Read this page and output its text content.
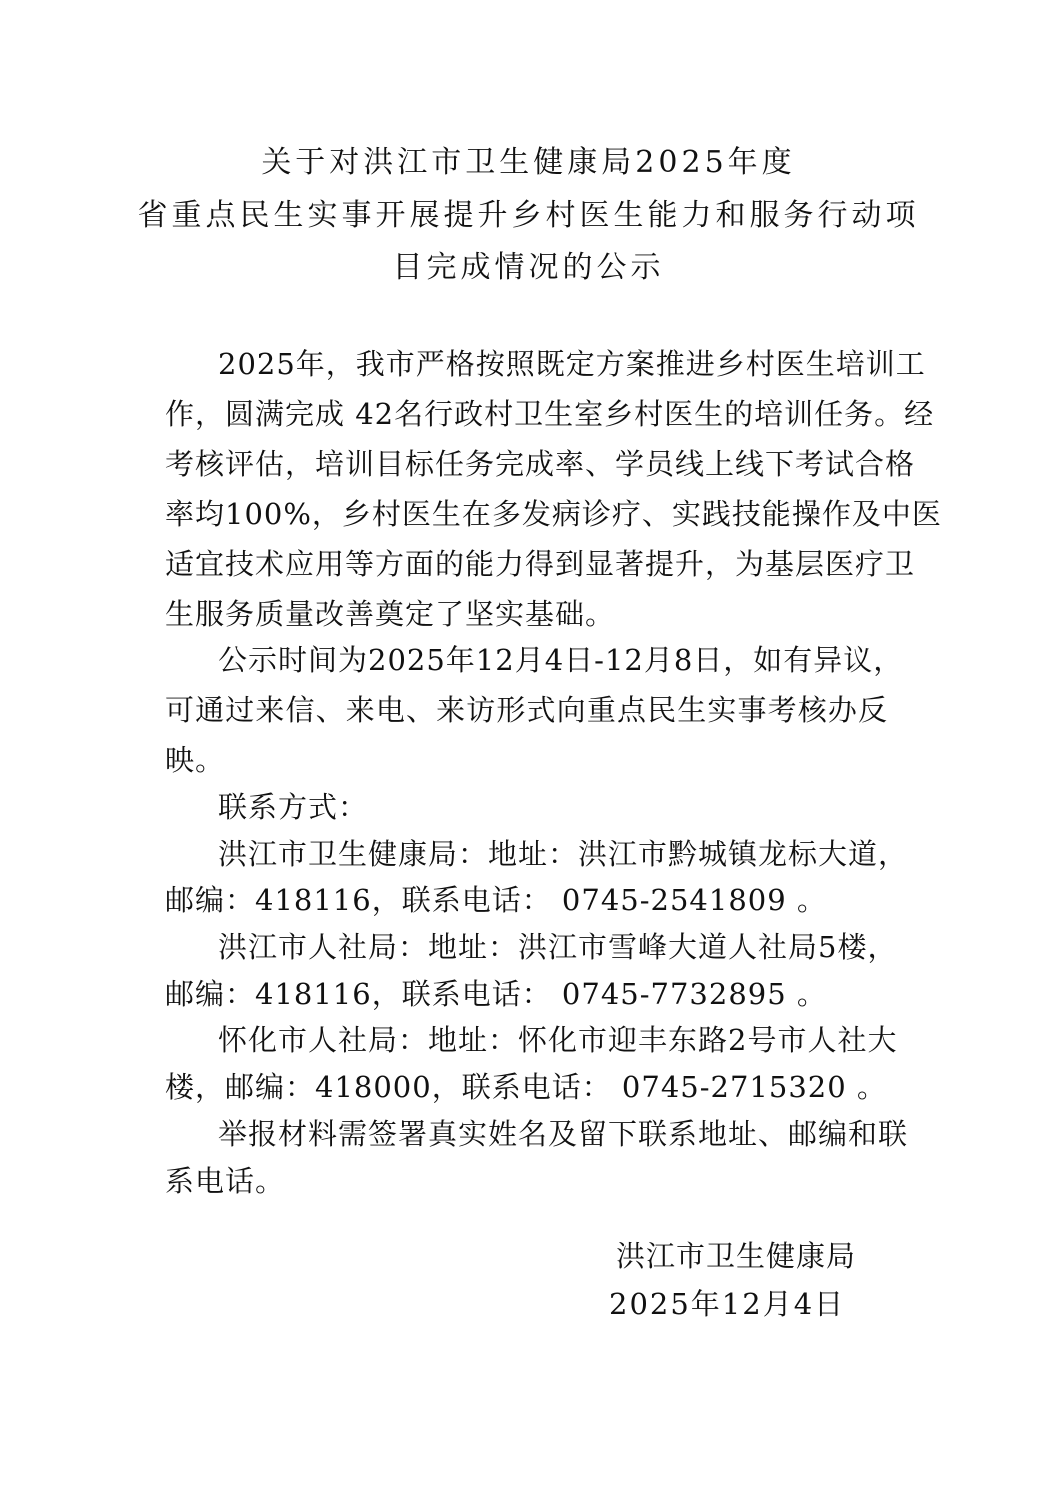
关于对洪江市卫生健康局2025年度
省重点民生实事开展提升乡村医生能力和服务行动项
目完成情况的公示
2025年，我市严格按照既定方案推进乡村医生培训工
作，圆满完成 42名行政村卫生室乡村医生的培训任务。经
考核评估，培训目标任务完成率、学员线上线下考试合格
率均100%，乡村医生在多发病诊疗、实践技能操作及中医
适宜技术应用等方面的能力得到显著提升，为基层医疗卫
生服务质量改善奠定了坚实基础。
公示时间为2025年12月4日-12月8日，如有异议，
可通过来信、来电、来访形式向重点民生实事考核办反
映。
联系方式：
洪江市卫生健康局：地址：洪江市黔城镇龙标大道，
邮编：418116，联系电话： 0745-2541809 。
洪江市人社局：地址：洪江市雪峰大道人社局5楼，
邮编：418116，联系电话： 0745-7732895 。
怀化市人社局：地址：怀化市迎丰东路2号市人社大
楼，邮编：418000，联系电话： 0745-2715320 。
举报材料需签署真实姓名及留下联系地址、邮编和联
系电话。
洪江市卫生健康局
2025年12月4日
